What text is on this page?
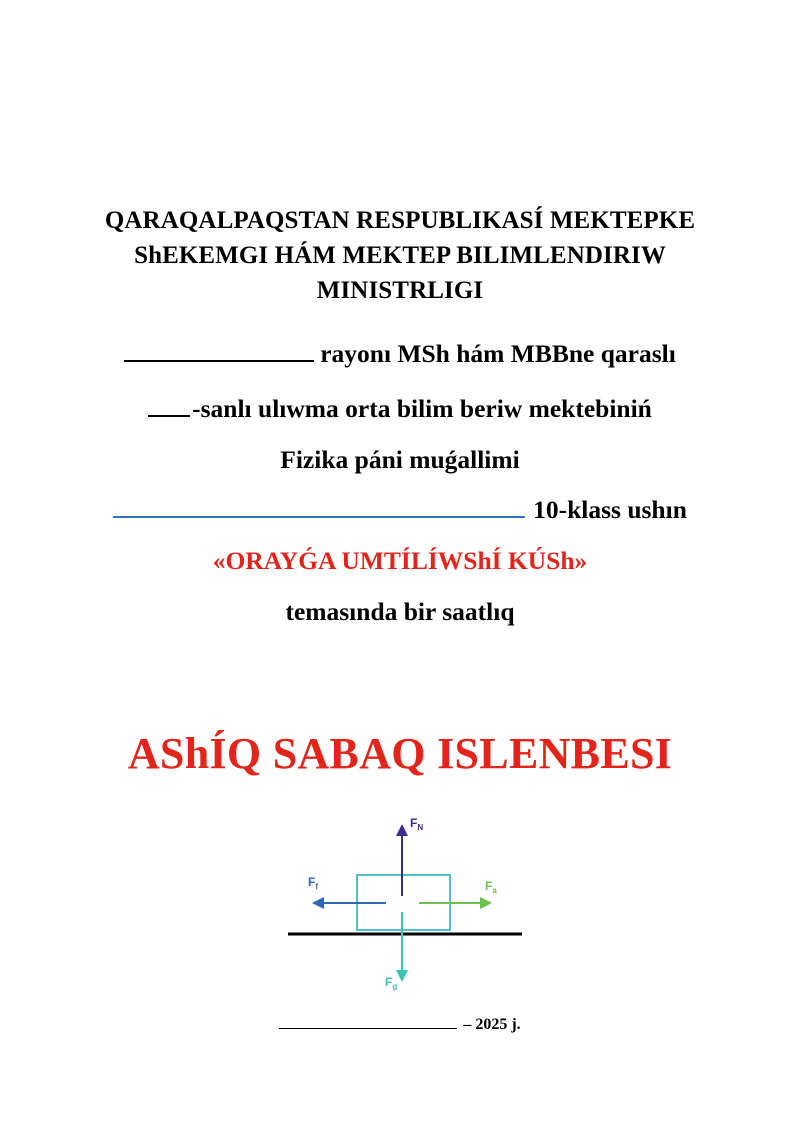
QARAQALPAQSTAN RESPUBLIKASÍ MEKTEPKE
ShEKEMGI HÁM MEKTEP BILIMLENDIRIW
MINISTRLIGI
rayonı MSh hám MBBne qaraslı
-sanlı ulıwma orta bilim beriw mektebiniń
Fizika páni muǵallimi
10-klass ushın
«ORAYǴA UMTÍLÍWShÍ KÚSh»
temasında bir saatlıq
AShÍQ SABAQ ISLENBESI
$F_N$
$F_f$	$F_a$
$F_g$
– 2025 j.
